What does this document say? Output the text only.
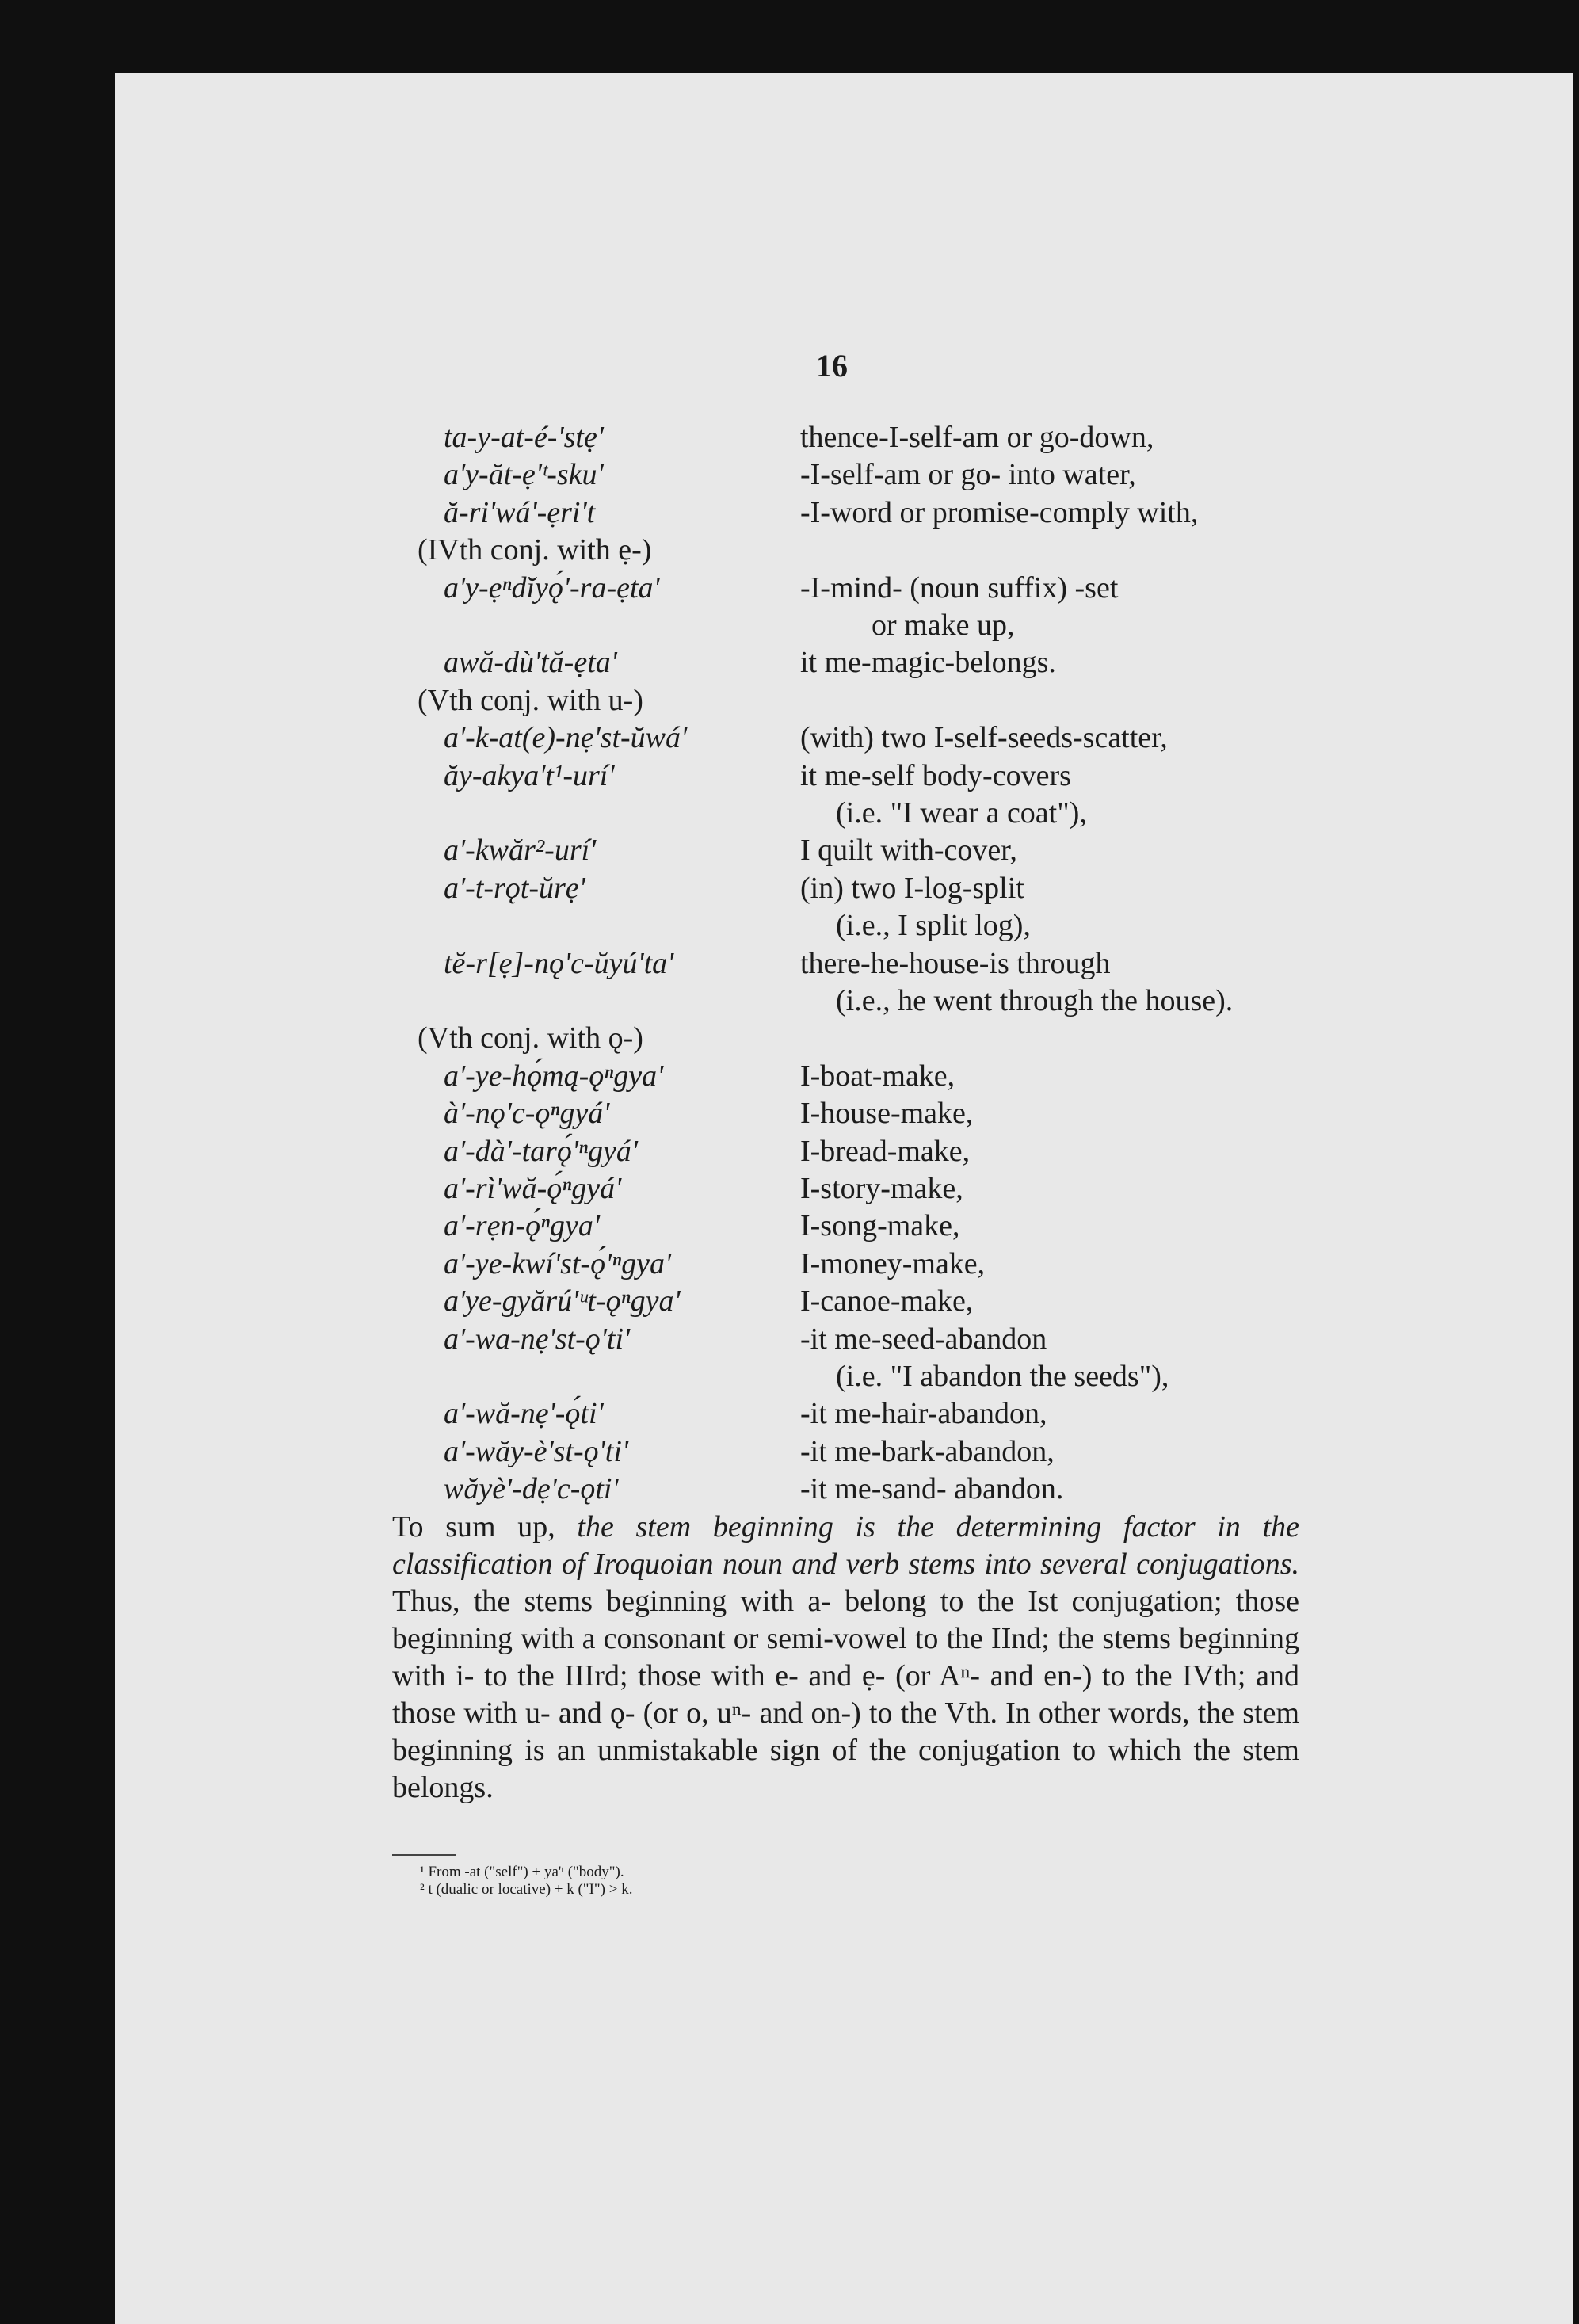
16
ta-y-at-é-'stẹ'	thence-I-self-am or go-down,
a'y-ăt-ẹ'ᵗ-sku'	-I-self-am or go- into water,
ă-ri'wá'-ẹri't	-I-word or promise-comply with,
(IVth conj. with ẹ-)
a'y-ẹⁿdĭyǫ́'-ra-ẹta'	-I-mind- (noun suffix) -set
or make up,
awă-dù'tă-ẹta'	it me-magic-belongs.
(Vth conj. with u-)
a'-k-at(e)-nẹ'st-ŭwá'	(with) two I-self-seeds-scatter,
ăy-akya't¹-urí'	it me-self body-covers
(i.e. "I wear a coat"),
a'-kwăr²-urí'	I quilt with-cover,
a'-t-rǫt-ŭrẹ'	(in) two I-log-split
(i.e., I split log),
tĕ-r[ẹ]-nǫ'c-ŭyú'ta'	there-he-house-is through
(i.e., he went through the house).
(Vth conj. with ǫ-)
a'-ye-hǫ́mą-ǫⁿgya'	I-boat-make,
à'-nǫ'c-ǫⁿgyá'	I-house-make,
a'-dà'-tarǫ́'ⁿgyá'	I-bread-make,
a'-rì'wă-ǫ́ⁿgyá'	I-story-make,
a'-rẹn-ǫ́ⁿgya'	I-song-make,
a'-ye-kwí'st-ǫ́'ⁿgya'	I-money-make,
a'ye-gyărú'ᵘt-ǫⁿgya'	I-canoe-make,
a'-wa-nẹ'st-ǫ'ti'	-it me-seed-abandon
(i.e. "I abandon the seeds"),
a'-wă-nẹ'-ǫ́ti'	-it me-hair-abandon,
a'-wăy-è'st-ǫ'ti'	-it me-bark-abandon,
wăyè'-dẹ'c-ǫti'	-it me-sand- abandon.
To sum up, the stem beginning is the determining factor in the classification of Iroquoian noun and verb stems into several conjugations. Thus, the stems beginning with a- belong to the Ist conjugation; those beginning with a consonant or semi-vowel to the IInd; the stems beginning with i- to the IIIrd; those with e- and ẹ- (or Aⁿ- and en-) to the IVth; and those with u- and ǫ- (or o, uⁿ- and on-) to the Vth. In other words, the stem beginning is an unmistakable sign of the conjugation to which the stem belongs.
¹ From -at ("self") + ya'ᵗ ("body").
² t (dualic or locative) + k ("I") > k.
